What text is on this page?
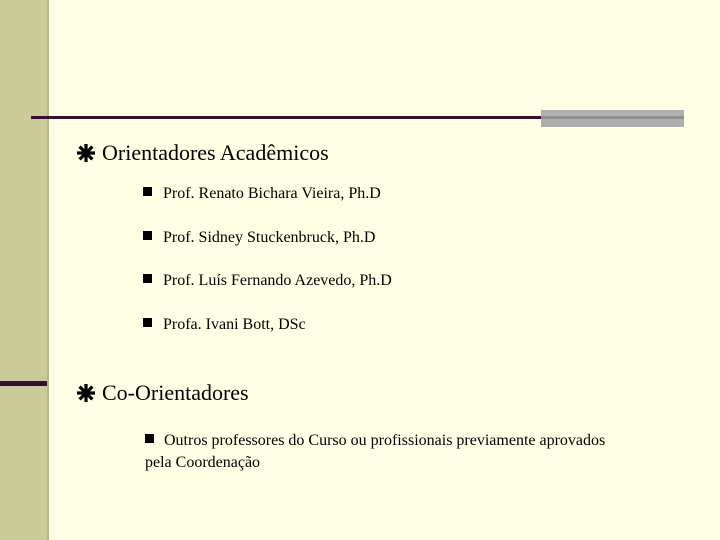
Orientadores Acadêmicos
Prof. Renato Bichara Vieira, Ph.D
Prof. Sidney Stuckenbruck, Ph.D
Prof. Luís Fernando Azevedo, Ph.D
Profa. Ivani Bott, DSc
Co-Orientadores
Outros professores do Curso ou profissionais previamente aprovados pela Coordenação
